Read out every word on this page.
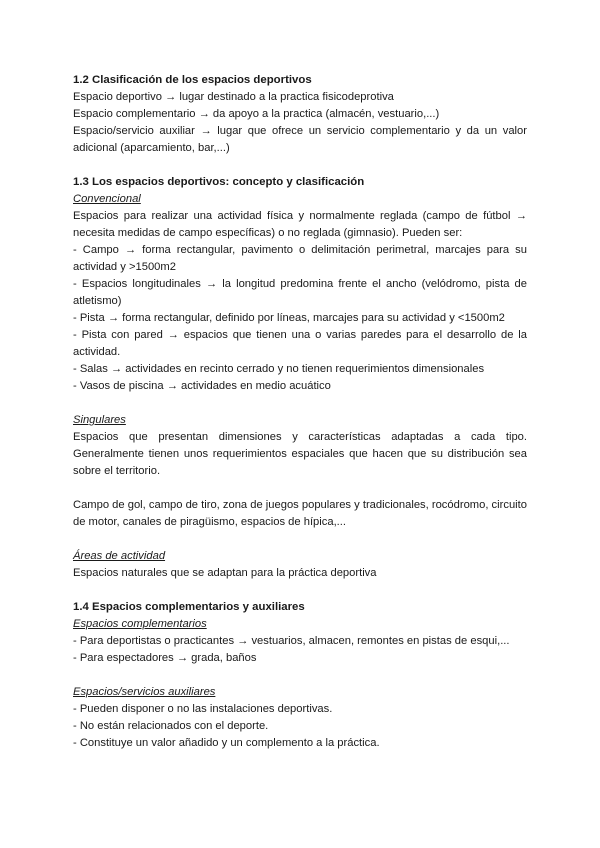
1.2 Clasificación de los espacios deportivos

Espacio deportivo → lugar destinado a la practica fisicodeprotiva

Espacio complementario → da apoyo a la practica (almacén, vestuario,...)

Espacio/servicio auxiliar → lugar que ofrece un servicio complementario y da un valor adicional (aparcamiento, bar,...)

1.3 Los espacios deportivos: concepto y clasificación

Convencional

Espacios para realizar una actividad física y normalmente reglada (campo de fútbol → necesita medidas de campo específicas) o no reglada (gimnasio). Pueden ser:

- Campo → forma rectangular, pavimento o delimitación perimetral, marcajes para su actividad y >1500m2

- Espacios longitudinales → la longitud predomina frente el ancho (velódromo, pista de atletismo)

- Pista → forma rectangular, definido por líneas, marcajes para su actividad y <1500m2

- Pista con pared → espacios que tienen una o varias paredes para el desarrollo de la actividad.

- Salas → actividades en recinto cerrado y no tienen requerimientos dimensionales

- Vasos de piscina → actividades en medio acuático

Singulares

Espacios que presentan dimensiones y características adaptadas a cada tipo. Generalmente tienen unos requerimientos espaciales que hacen que su distribución sea sobre el territorio.

Campo de gol, campo de tiro, zona de juegos populares y tradicionales, rocódromo, circuito de motor, canales de piragüismo, espacios de hípica,...

Áreas de actividad

Espacios naturales que se adaptan para la práctica deportiva

1.4 Espacios complementarios y auxiliares

Espacios complementarios

- Para deportistas o practicantes → vestuarios, almacen, remontes en pistas de esqui,...

- Para espectadores → grada, baños

Espacios/servicios auxiliares

- Pueden disponer o no las instalaciones deportivas.

- No están relacionados con el deporte.

- Constituye un valor añadido y un complemento a la práctica.
